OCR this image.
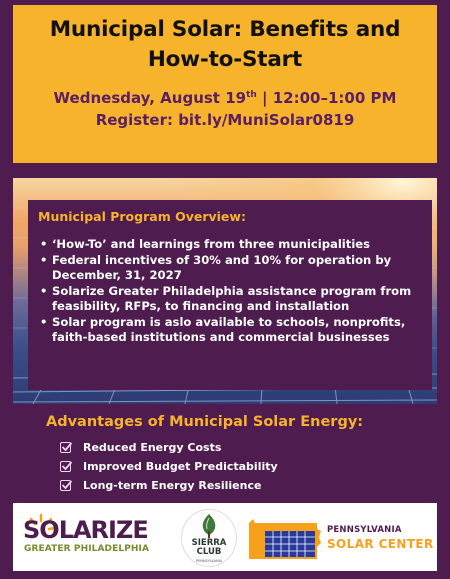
Municipal Solar: Benefits and
How-to-Start
Wednesday, August 19th | 12:00–1:00 PM
Register: bit.ly/MuniSolar0819
Municipal Program Overview:
• ‘How-To’ and learnings from three municipalities
• Federal incentives of 30% and 10% for operation by December, 31, 2027
• Solarize Greater Philadelphia assistance program from feasibility, RFPs, to financing and installation
• Solar program is aslo available to schools, nonprofits, faith-based institutions and commercial businesses
Advantages of Municipal Solar Energy:
Reduced Energy Costs
Improved Budget Predictability
Long-term Energy Resilience
SOLARIZE
GREATER PHILADELPHIA
SIERRA
CLUB
PENNSYLVANIA
PENNSYLVANIA
SOLAR CENTER
